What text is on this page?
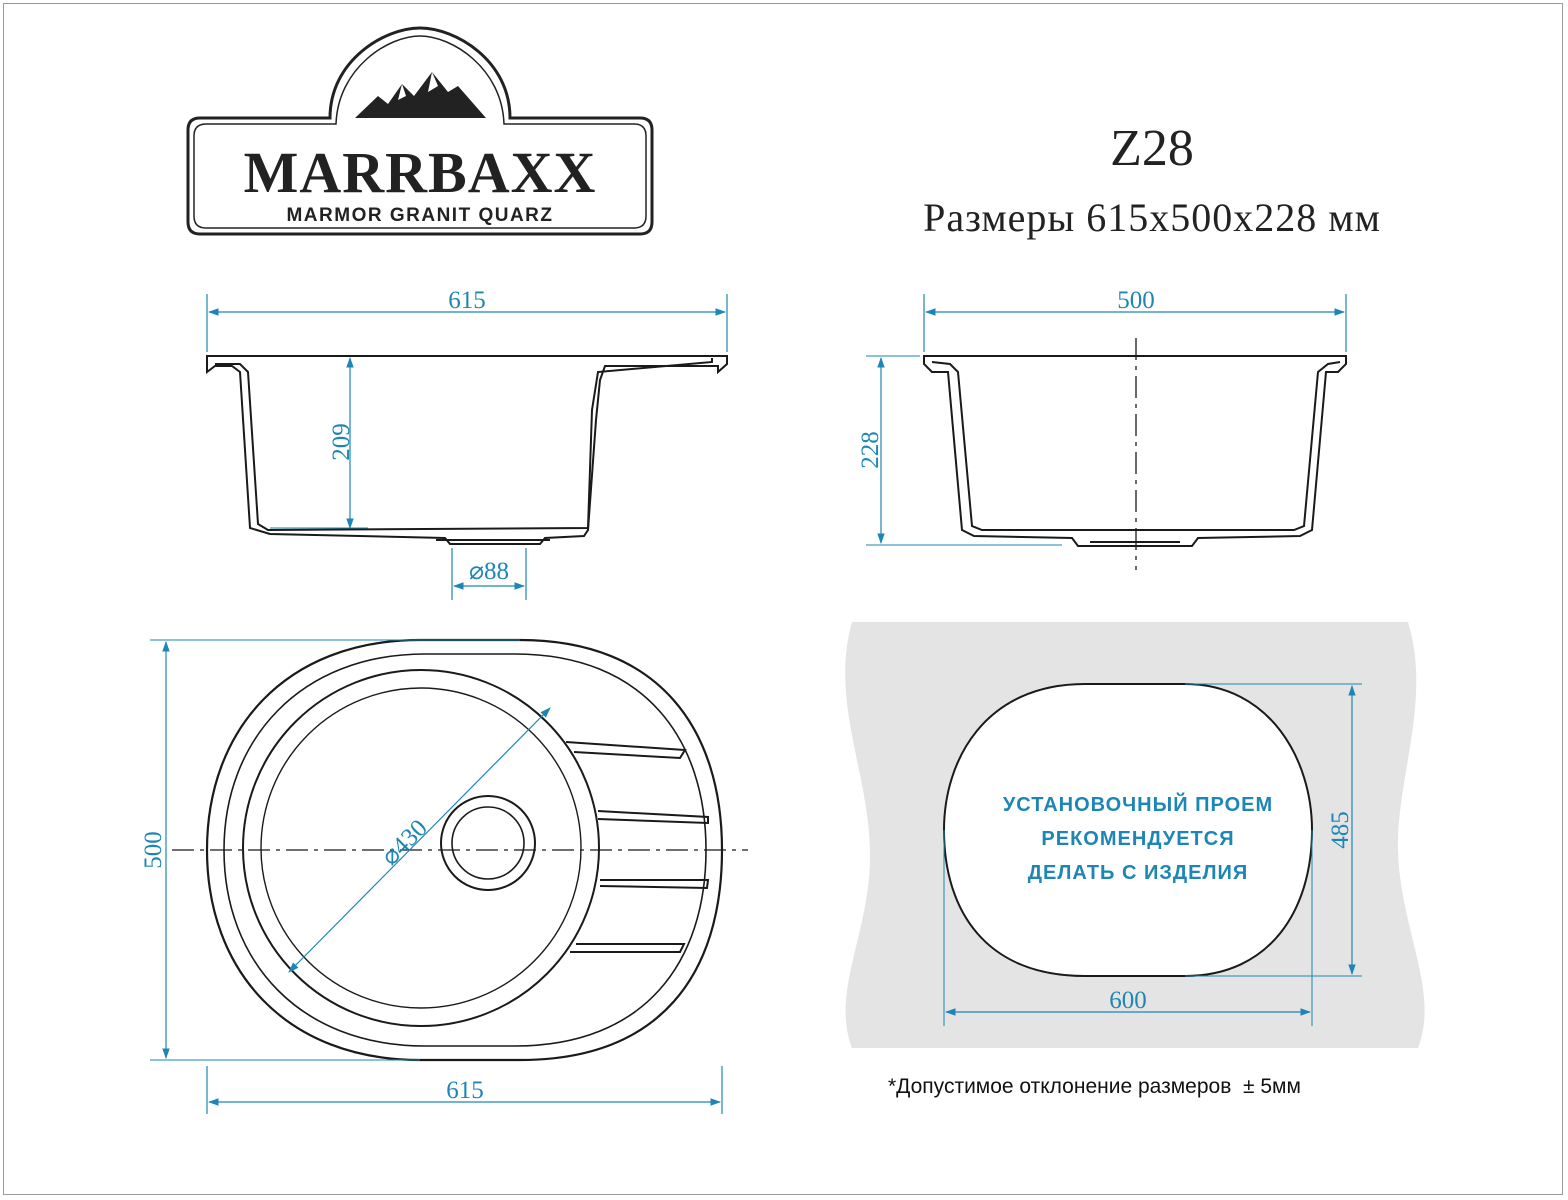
MARRBAXX
MARMOR GRANIT QUARZ
Z28
Размеры 615х500х228 мм
615
209
⌀88
500
228
⌀430
500
615
УСТАНОВОЧНЫЙ ПРОЕМ
РЕКОМЕНДУЕТСЯ
ДЕЛАТЬ С ИЗДЕЛИЯ
485
600
*Допустимое отклонение размеров  ± 5мм
